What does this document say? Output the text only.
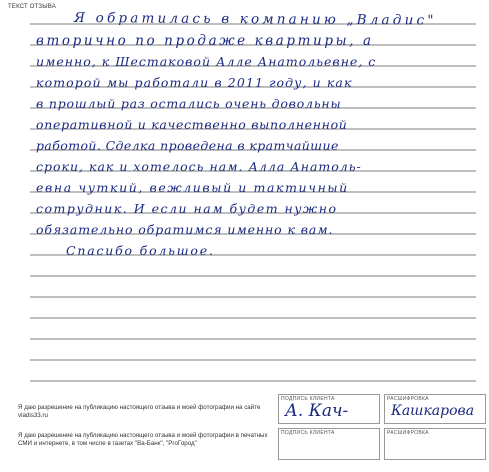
ТЕКСТ ОТЗЫВА
Я обратилась в компанию „Владис"
вторично по продаже квартиры, а
именно, к Шестаковой Алле Анатольевне, с
которой мы работали в 2011 году, и как
в прошлый раз остались очень довольны
оперативной и качественно выполненной
работой. Сделка проведена в кратчайшие
сроки, как и хотелось нам. Алла Анатоль-
евна чуткий, вежливый и тактичный
сотрудник. И если нам будет нужно
обязательно обратимся именно к вам.
Спасибо большое.
Я даю разрешение на публикацию настоящего отзыва и моей фотографии на сайте vladis33.ru
Я даю разрешение на публикацию настоящего отзыва и моей фотографии в печатных СМИ и интернете, в том числе в газетах "Ва-Банк", "РгоГород"
ПОДПИСЬ КЛИЕНТА
А. Кач-
РАСШИФРОВКА
Кашкарова
ПОДПИСЬ КЛИЕНТА	РАСШИФРОВКА
